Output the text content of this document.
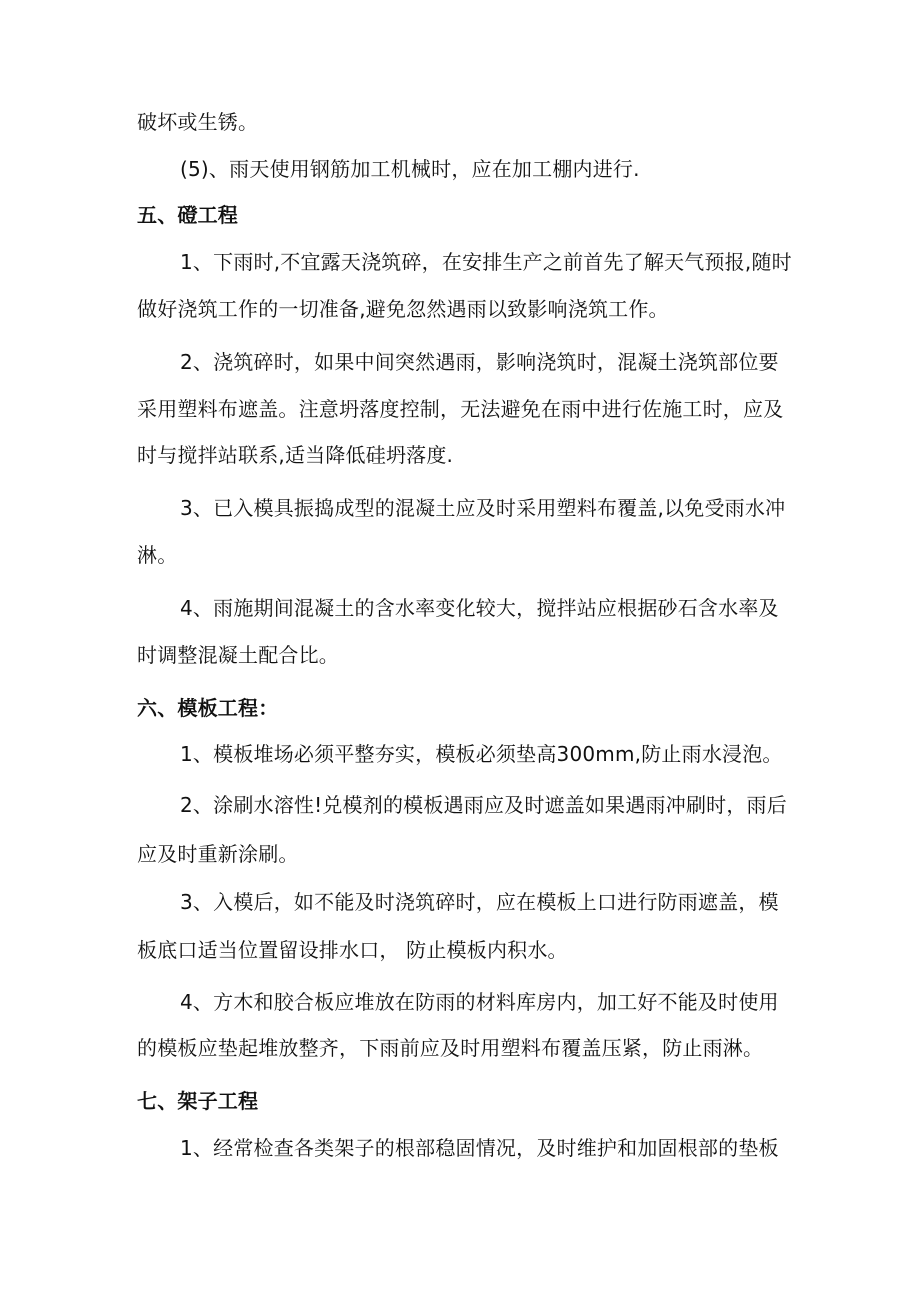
破坏或生锈。
(5)、雨天使用钢筋加工机械时，应在加工棚内进行.
五、磴工程
1、下雨时,不宜露天浇筑碎，在安排生产之前首先了解天气预报,随时
做好浇筑工作的一切准备,避免忽然遇雨以致影响浇筑工作。
2、浇筑碎时，如果中间突然遇雨，影响浇筑时，混凝土浇筑部位要
采用塑料布遮盖。注意坍落度控制，无法避免在雨中进行佐施工时，应及
时与搅拌站联系,适当降低硅坍落度.
3、已入模具振捣成型的混凝土应及时采用塑料布覆盖,以免受雨水冲
淋。
4、雨施期间混凝土的含水率变化较大，搅拌站应根据砂石含水率及
时调整混凝土配合比。
六、模板工程：
1、模板堆场必须平整夯实，模板必须垫高300mm,防止雨水浸泡。
2、涂刷水溶性!兑模剂的模板遇雨应及时遮盖如果遇雨冲刷时，雨后
应及时重新涂刷。
3、入模后，如不能及时浇筑碎时，应在模板上口进行防雨遮盖，模
板底口适当位置留设排水口， 防止模板内积水。
4、方木和胶合板应堆放在防雨的材料库房内，加工好不能及时使用
的模板应垫起堆放整齐，下雨前应及时用塑料布覆盖压紧，防止雨淋。
七、架子工程
1、经常检查各类架子的根部稳固情况，及时维护和加固根部的垫板
